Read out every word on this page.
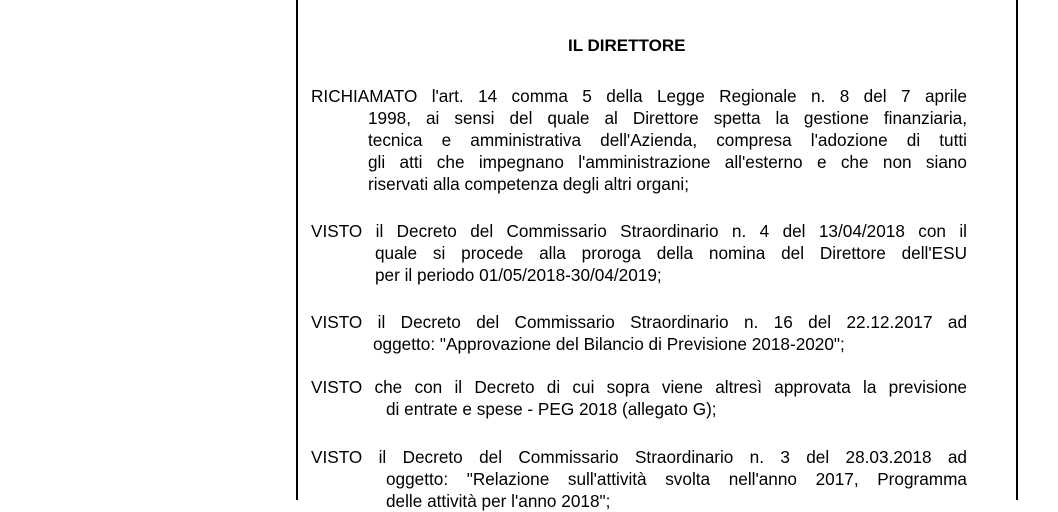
IL DIRETTORE
RICHIAMATO l'art. 14 comma 5 della Legge Regionale n. 8 del 7 aprile
1998, ai sensi del quale al Direttore spetta la gestione finanziaria,
tecnica e amministrativa dell'Azienda, compresa l'adozione di tutti
gli atti che impegnano l'amministrazione all'esterno e che non siano
riservati alla competenza degli altri organi;
VISTO il Decreto del Commissario Straordinario n. 4 del 13/04/2018 con il
quale si procede alla proroga della nomina del Direttore dell'ESU
per il periodo 01/05/2018-30/04/2019;
VISTO il Decreto del Commissario Straordinario n. 16 del 22.12.2017 ad
oggetto: "Approvazione del Bilancio di Previsione 2018-2020";
VISTO che con il Decreto di cui sopra viene altresì approvata la previsione
di entrate e spese - PEG 2018 (allegato G);
VISTO il Decreto del Commissario Straordinario n. 3 del 28.03.2018 ad
oggetto: "Relazione sull'attività svolta nell'anno 2017, Programma
delle attività per l'anno 2018";
